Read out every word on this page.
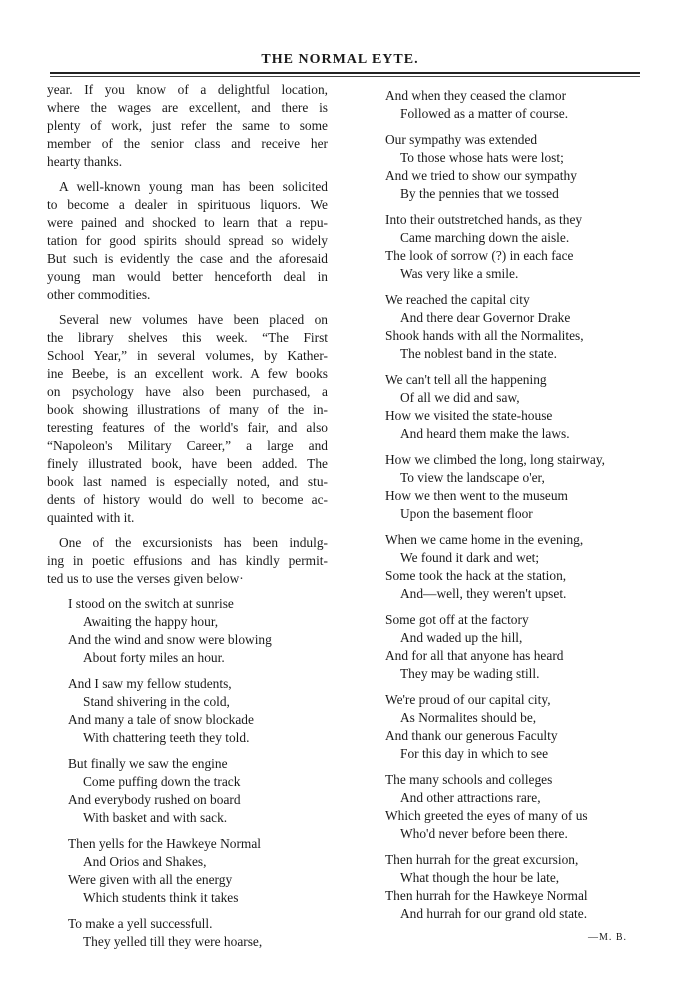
THE NORMAL EYTE.
year. If you know of a delightful location,
where the wages are excellent, and there is
plenty of work, just refer the same to some
member of the senior class and receive her
hearty thanks.
A well-known young man has been solicited
to become a dealer in spirituous liquors. We
were pained and shocked to learn that a repu-
tation for good spirits should spread so widely
But such is evidently the case and the aforesaid
young man would better henceforth deal in
other commodities.
Several new volumes have been placed on
the library shelves this week. “The First
School Year,” in several volumes, by Kather-
ine Beebe, is an excellent work. A few books
on psychology have also been purchased, a
book showing illustrations of many of the in-
teresting features of the world's fair, and also
“Napoleon's Military Career,” a large and
finely illustrated book, have been added. The
book last named is especially noted, and stu-
dents of history would do well to become ac-
quainted with it.
One of the excursionists has been indulg-
ing in poetic effusions and has kindly permit-
ted us to use the verses given below·
I stood on the switch at sunrise
Awaiting the happy hour,
And the wind and snow were blowing
About forty miles an hour.
And I saw my fellow students,
Stand shivering in the cold,
And many a tale of snow blockade
With chattering teeth they told.
But finally we saw the engine
Come puffing down the track
And everybody rushed on board
With basket and with sack.
Then yells for the Hawkeye Normal
And Orios and Shakes,
Were given with all the energy
Which students think it takes
To make a yell successfull.
They yelled till they were hoarse,
And when they ceased the clamor
Followed as a matter of course.
Our sympathy was extended
To those whose hats were lost;
And we tried to show our sympathy
By the pennies that we tossed
Into their outstretched hands, as they
Came marching down the aisle.
The look of sorrow (?) in each face
Was very like a smile.
We reached the capital city
And there dear Governor Drake
Shook hands with all the Normalites,
The noblest band in the state.
We can't tell all the happening
Of all we did and saw,
How we visited the state-house
And heard them make the laws.
How we climbed the long, long stairway,
To view the landscape o'er,
How we then went to the museum
Upon the basement floor
When we came home in the evening,
We found it dark and wet;
Some took the hack at the station,
And—well, they weren't upset.
Some got off at the factory
And waded up the hill,
And for all that anyone has heard
They may be wading still.
We're proud of our capital city,
As Normalites should be,
And thank our generous Faculty
For this day in which to see
The many schools and colleges
And other attractions rare,
Which greeted the eyes of many of us
Who'd never before been there.
Then hurrah for the great excursion,
What though the hour be late,
Then hurrah for the Hawkeye Normal
And hurrah for our grand old state.
—M. B.
